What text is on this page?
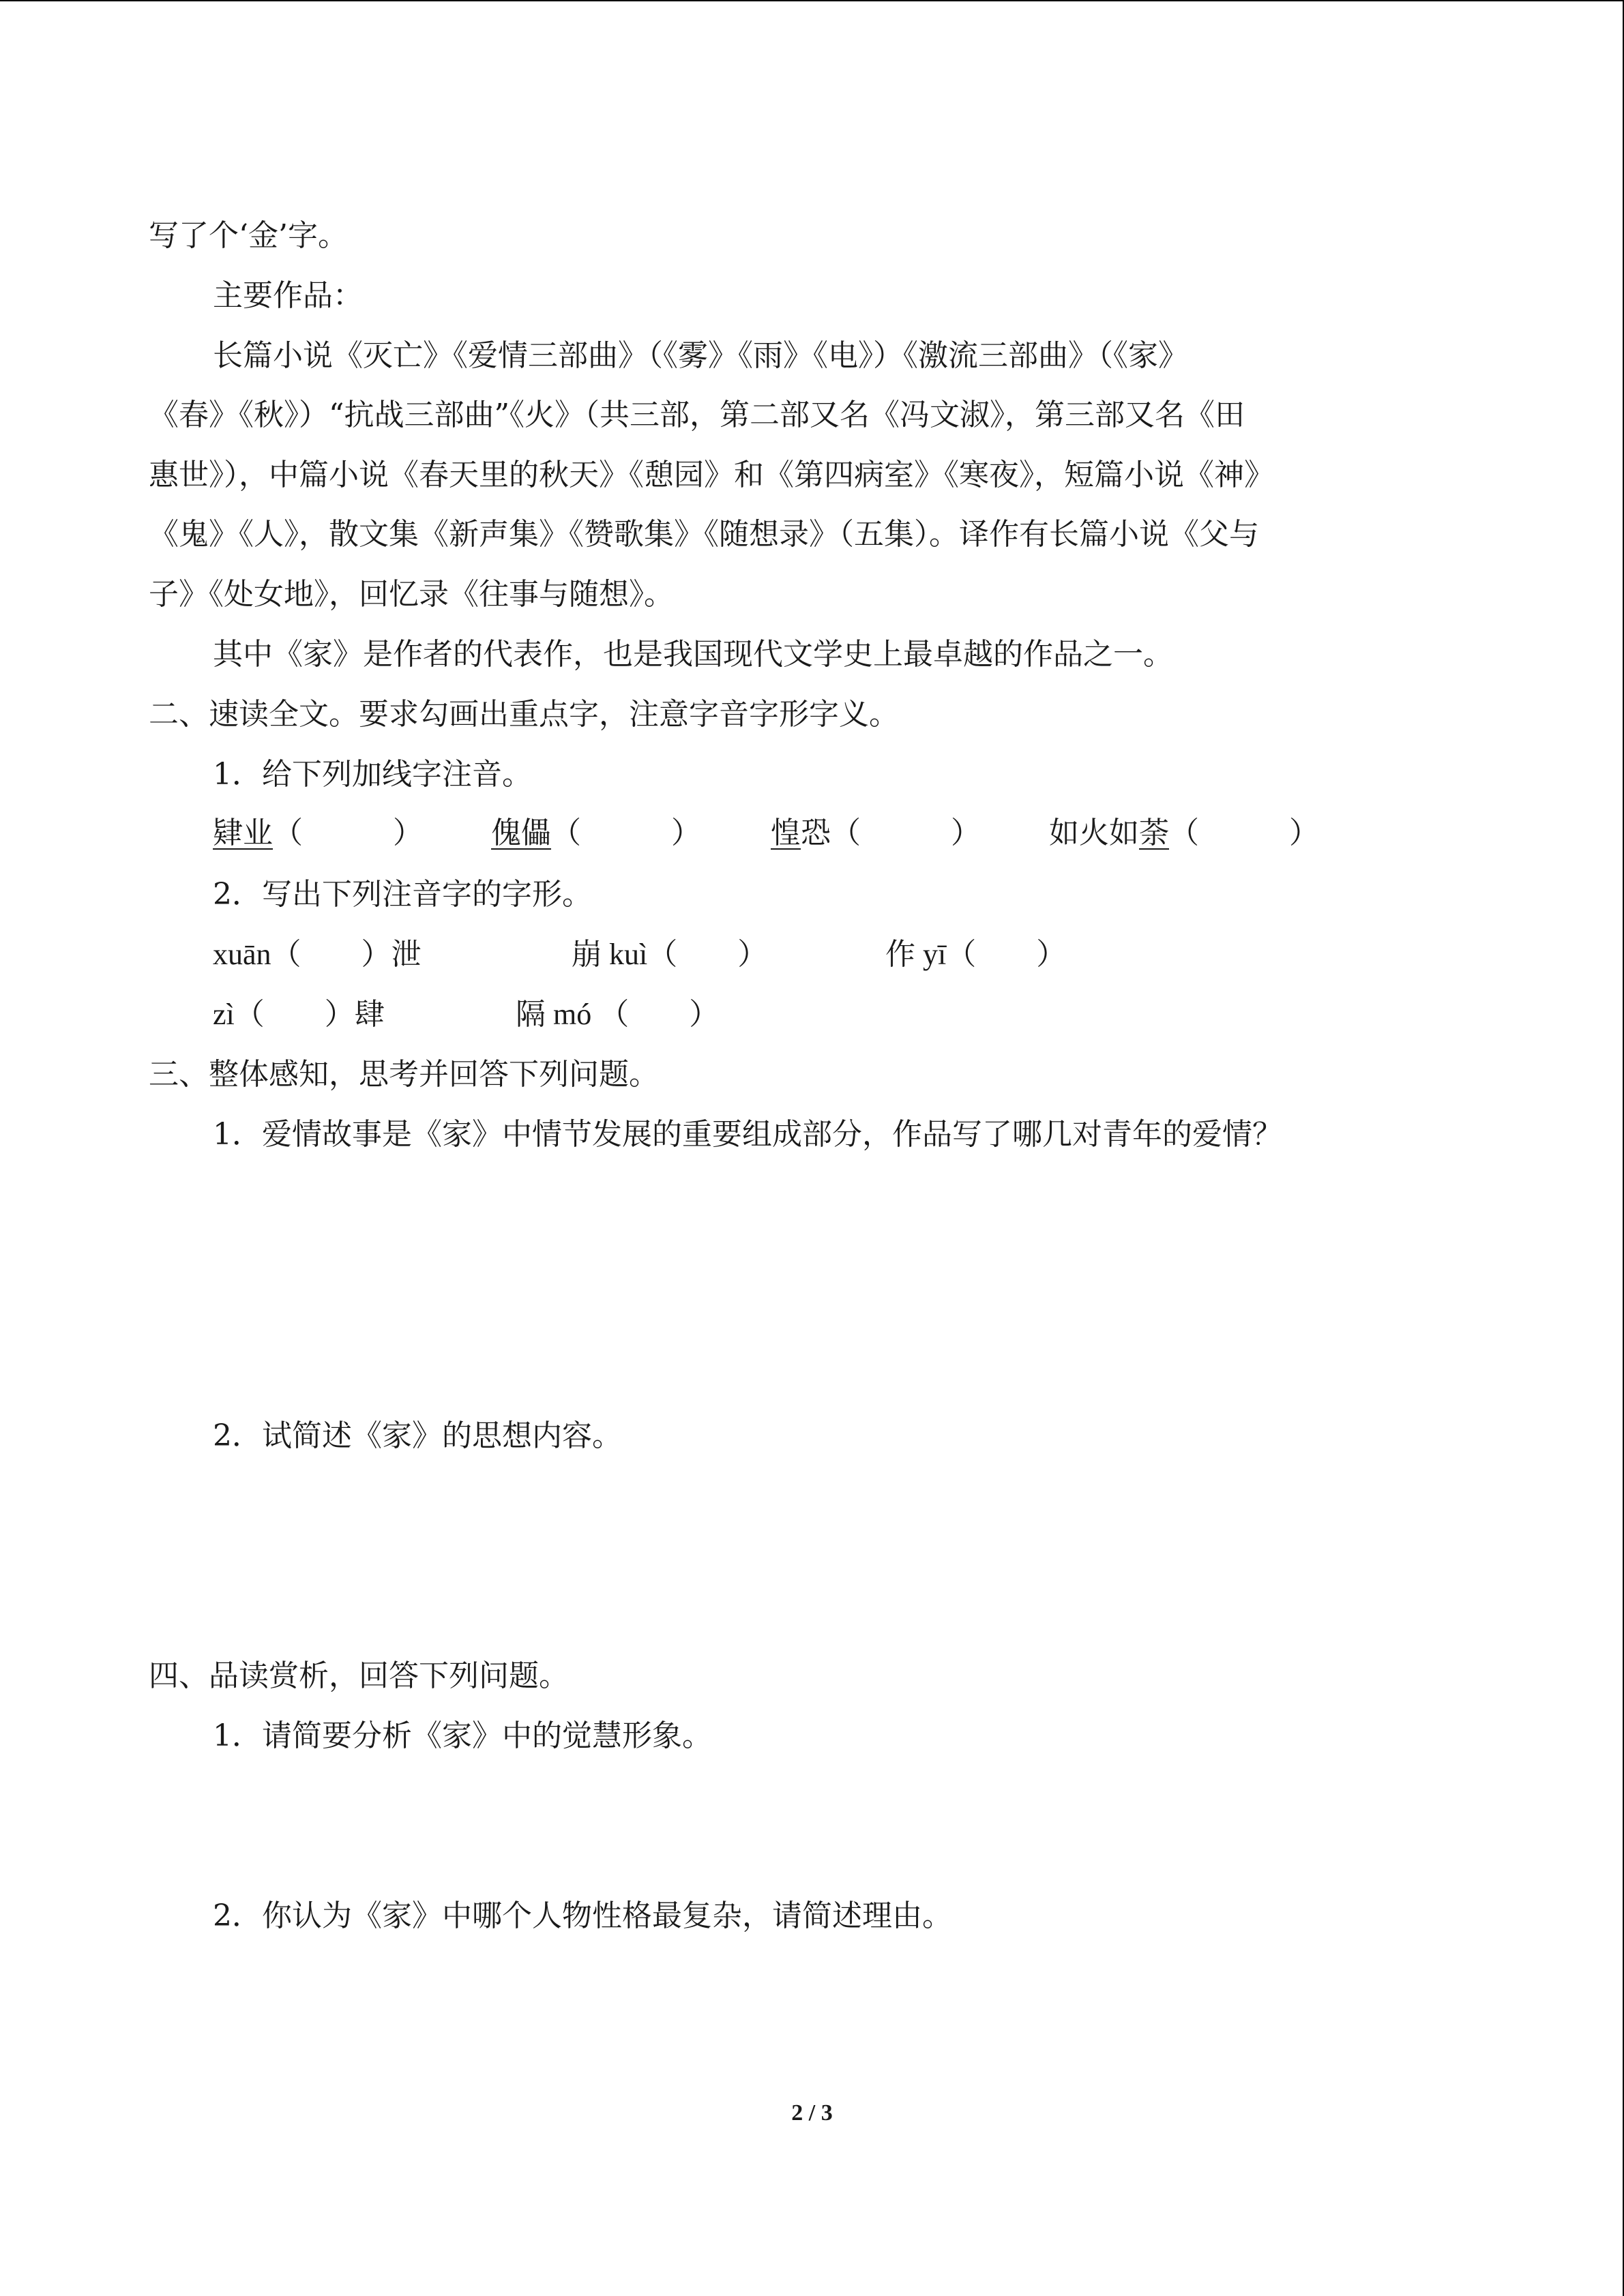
写了个‘金’字。
主要作品：
长篇小说《灭亡》《爱情三部曲》（《雾》《雨》《电》）《激流三部曲》（《家》
《春》《秋》）“抗战三部曲”《火》（共三部，第二部又名《冯文淑》，第三部又名《田
惠世》），中篇小说《春天里的秋天》《憩园》和《第四病室》《寒夜》，短篇小说《神》
《鬼》《人》，散文集《新声集》《赞歌集》《随想录》（五集）。译作有长篇小说《父与
子》《处女地》，回忆录《往事与随想》。
其中《家》是作者的代表作，也是我国现代文学史上最卓越的作品之一。
二、速读全文。要求勾画出重点字，注意字音字形字义。
1．给下列加线字注音。
肄业（　　　） 傀儡（　　　） 惶恐（　　　） 如火如荼（　　　）
2．写出下列注音字的字形。
xuān（　　）泄	崩 kuì（　　）	作 yī（　　）
zì（　　）肆	隔 mó （　　）
三、整体感知，思考并回答下列问题。
1．爱情故事是《家》中情节发展的重要组成部分，作品写了哪几对青年的爱情？
2．试简述《家》的思想内容。
四、品读赏析，回答下列问题。
1．请简要分析《家》中的觉慧形象。
2．你认为《家》中哪个人物性格最复杂，请简述理由。
2 / 3
